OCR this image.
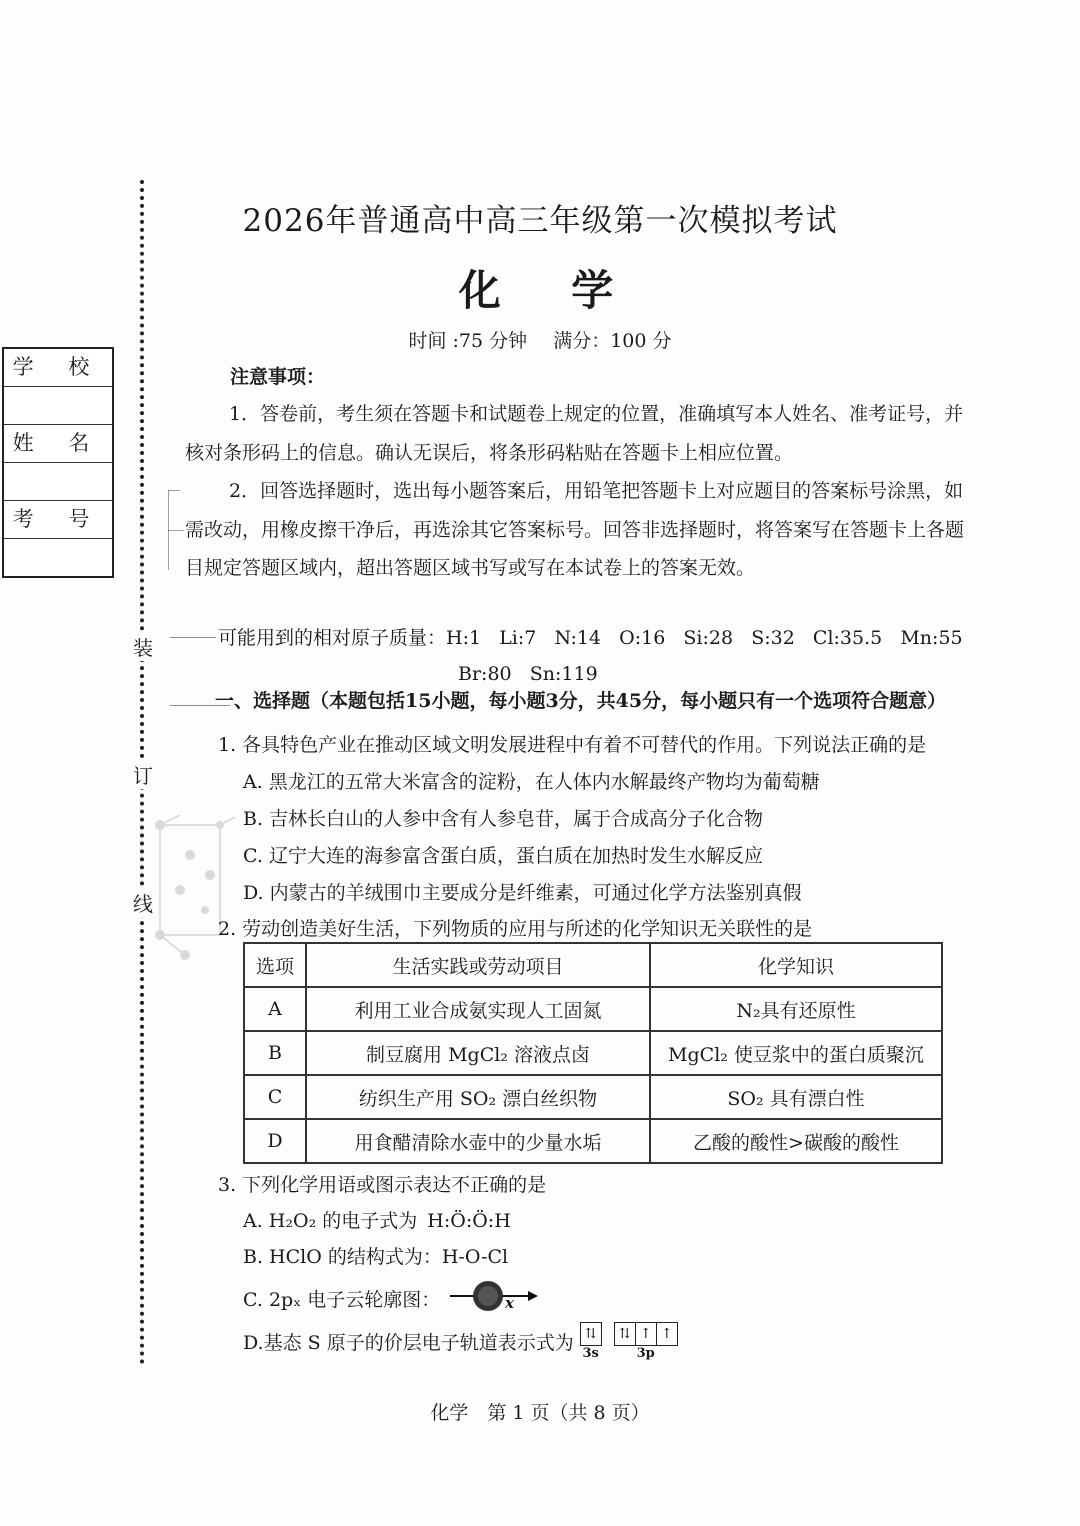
学 校
姓 名
考 号
装
订
线
2026年普通高中高三年级第一次模拟考试
化 学
时间 :75 分钟 满分：100 分
注意事项：
1．答卷前，考生须在答题卡和试题卷上规定的位置，准确填写本人姓名、准考证号，并核对条形码上的信息。确认无误后，将条形码粘贴在答题卡上相应位置。
2．回答选择题时，选出每小题答案后，用铅笔把答题卡上对应题目的答案标号涂黑，如需改动，用橡皮擦干净后，再选涂其它答案标号。回答非选择题时，将答案写在答题卡上各题目规定答题区域内，超出答题区域书写或写在本试卷上的答案无效。
可能用到的相对原子质量：H:1   Li:7   N:14   O:16   Si:28   S:32   Cl:35.5   Mn:55
Br:80   Sn:119
一、选择题（本题包括15小题，每小题3分，共45分，每小题只有一个选项符合题意）
1. 各具特色产业在推动区域文明发展进程中有着不可替代的作用。下列说法正确的是
A. 黑龙江的五常大米富含的淀粉，在人体内水解最终产物均为葡萄糖
B. 吉林长白山的人参中含有人参皂苷，属于合成高分子化合物
C. 辽宁大连的海参富含蛋白质，蛋白质在加热时发生水解反应
D. 内蒙古的羊绒围巾主要成分是纤维素，可通过化学方法鉴别真假
2. 劳动创造美好生活，下列物质的应用与所述的化学知识无关联性的是
选项	生活实践或劳动项目	化学知识
A	利用工业合成氨实现人工固氮	N₂具有还原性
B	制豆腐用 MgCl₂ 溶液点卤	MgCl₂ 使豆浆中的蛋白质聚沉
C	纺织生产用 SO₂ 漂白丝织物	SO₂ 具有漂白性
D	用食醋清除水壶中的少量水垢	乙酸的酸性>碳酸的酸性
3. 下列化学用语或图示表达不正确的是
A. H₂O₂ 的电子式为 H:Ö:Ö:H
B. HClO 的结构式为：H-O-Cl
C. 2pₓ 电子云轮廓图：	x
D.基态 S 原子的价层电子轨道表示式为 ⇅
3s
⇅ ↑ ↑
3p
化学　第 1 页（共 8 页）
